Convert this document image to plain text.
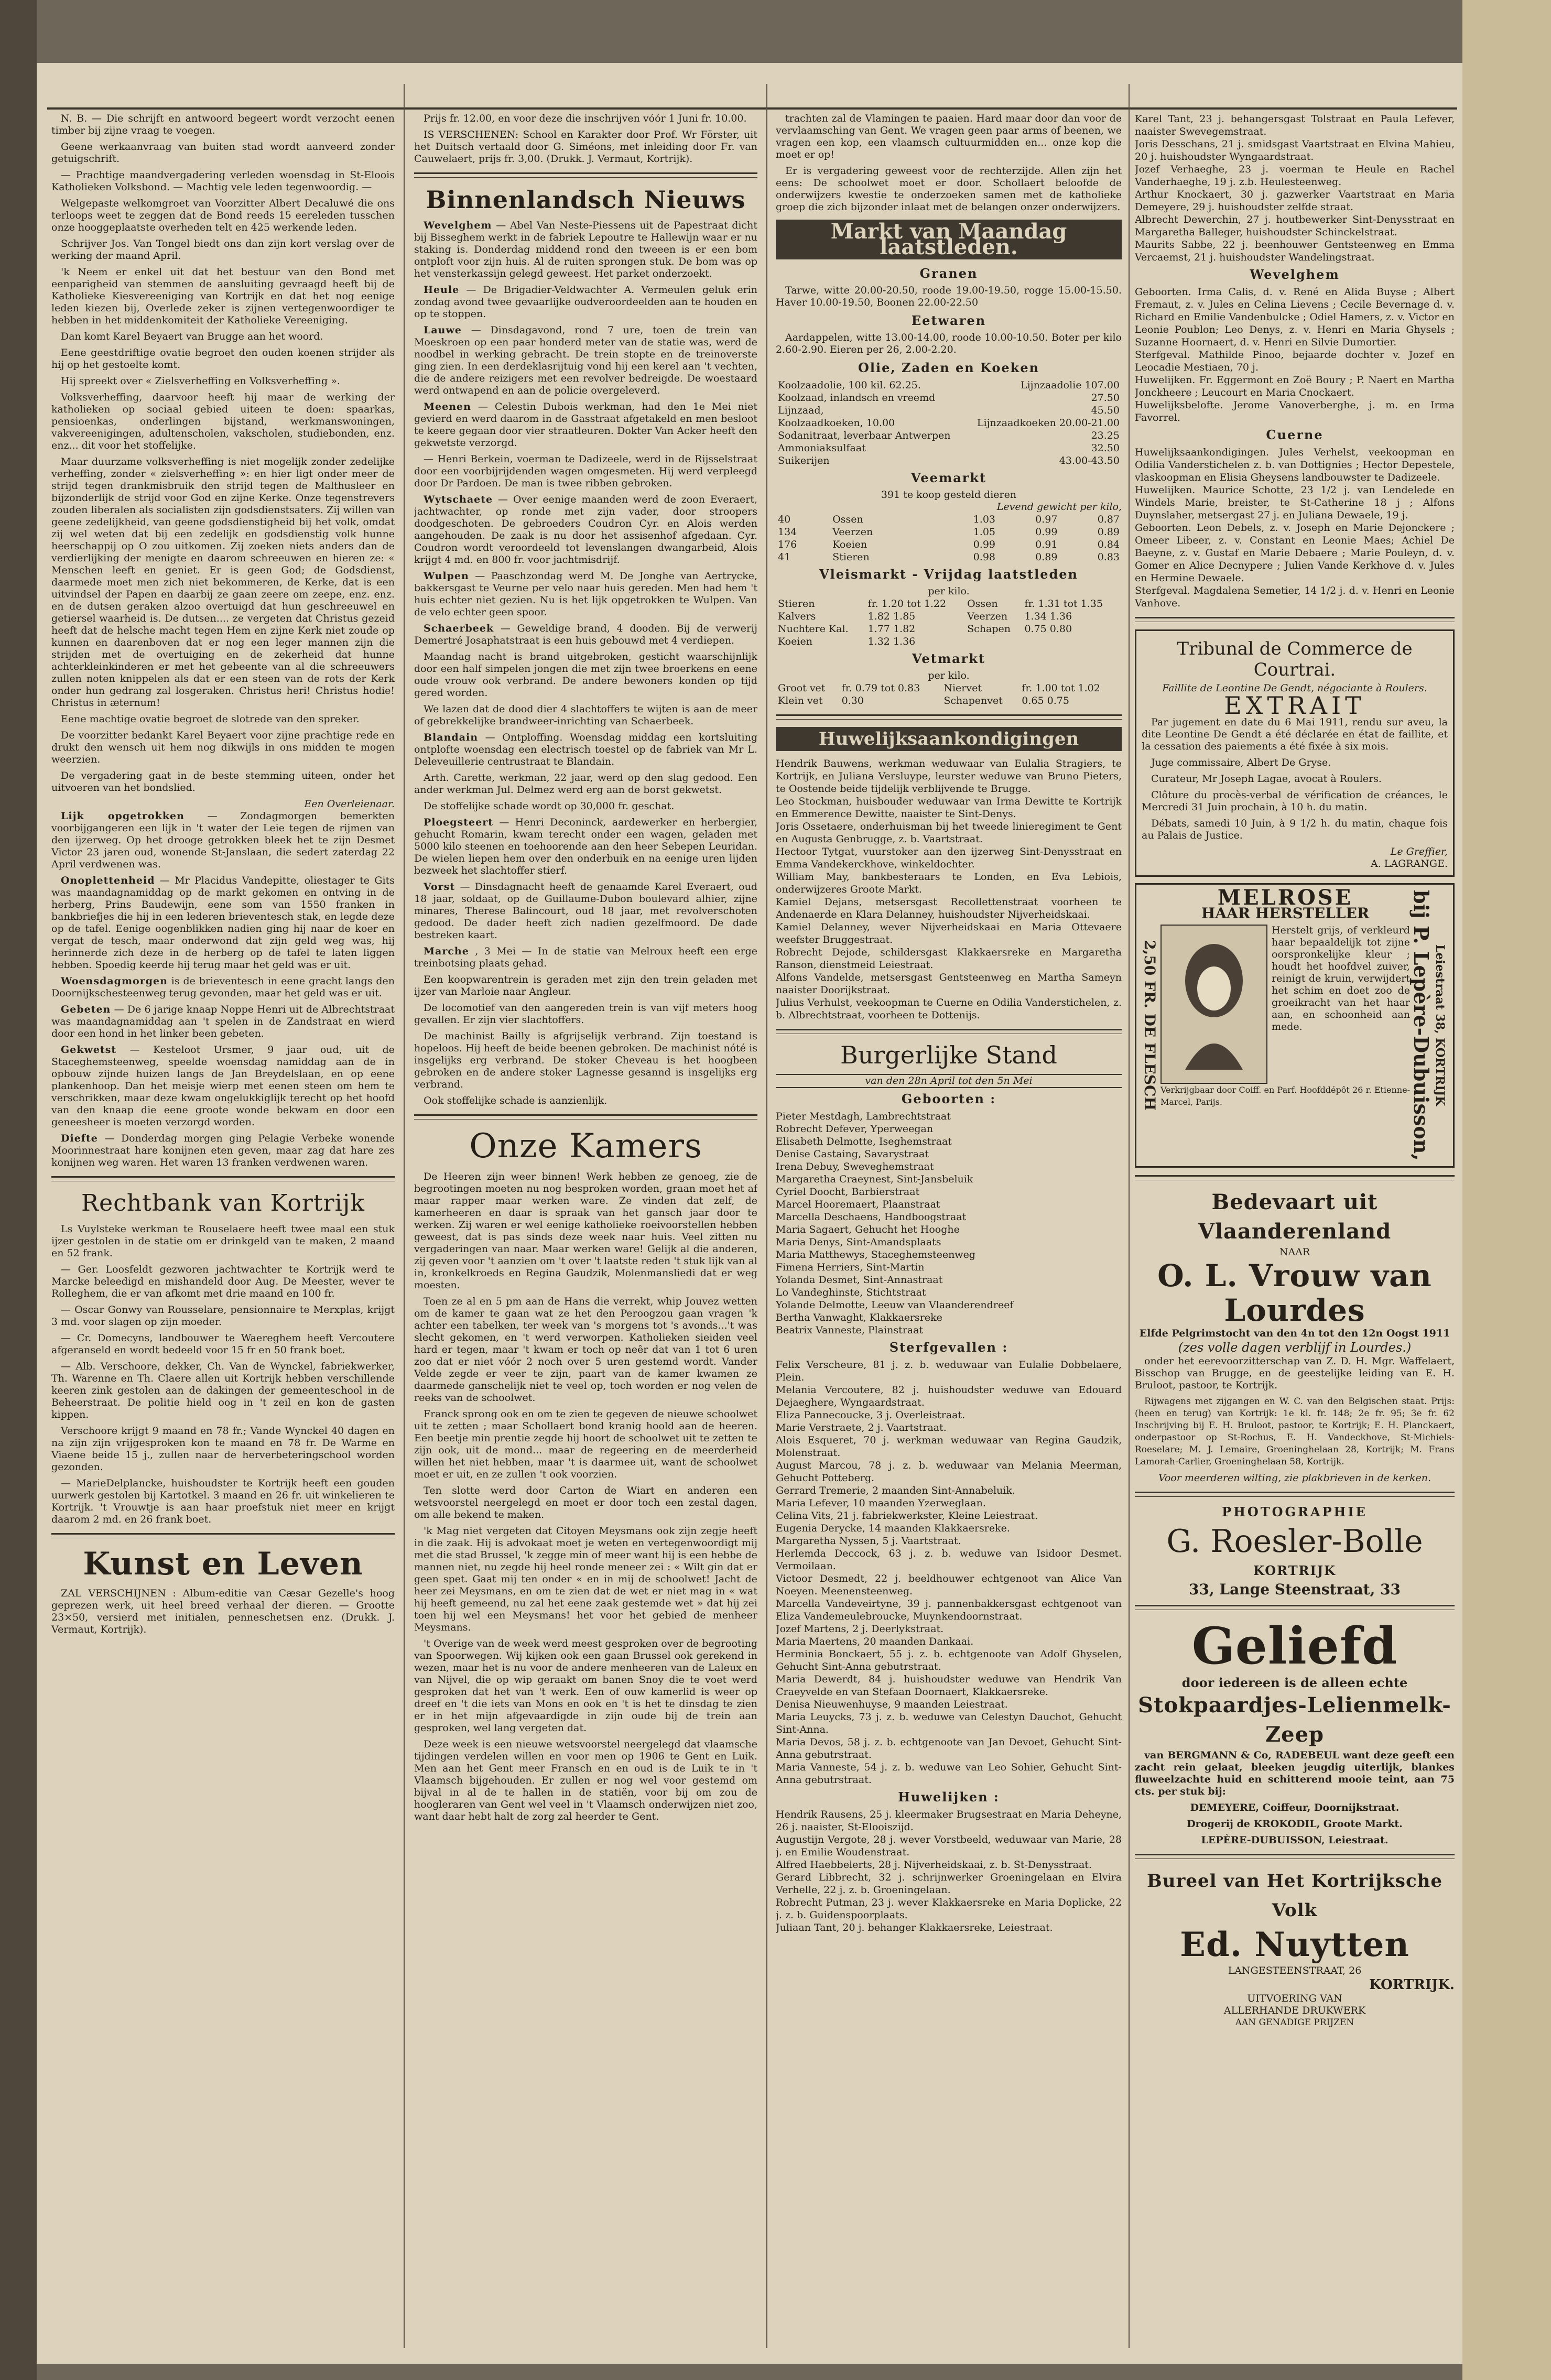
N. B. — Die schrijft en antwoord begeert wordt verzocht eenen timber bij zijne vraag te voegen.

Geene werkaanvraag van buiten stad wordt aanveerd zonder getuigschrift.

— Prachtige maandvergadering verleden woensdag in St-Eloois Katholieken Volksbond. — Machtig vele leden tegenwoordig. —

Welgepaste welkomgroet van Voorzitter Albert Decaluwé die ons terloops weet te zeggen dat de Bond reeds 15 eereleden tusschen onze hooggeplaatste overheden telt en 425 werkende leden.

Schrijver Jos. Van Tongel biedt ons dan zijn kort verslag over de werking der maand April.

'k Neem er enkel uit dat het bestuur van den Bond met eenparigheid van stemmen de aansluiting gevraagd heeft bij de Katholieke Kiesvereeniging van Kortrijk en dat het nog eenige leden kiezen bij, Overlede zeker is zijnen vertegenwoordiger te hebben in het middenkomiteit der Katholieke Vereeniging.

Dan komt Karel Beyaert van Brugge aan het woord.

Eene geestdriftige ovatie begroet den ouden koenen strijder als hij op het gestoelte komt.

Hij spreekt over « Zielsverheffing en Volksverheffing ».

Volksverheffing, daarvoor heeft hij maar de werking der katholieken op sociaal gebied uiteen te doen: spaarkas, pensioenkas, onderlingen bijstand, werkmanswoningen, vakvereenigingen, adultenscholen, vakscholen, studiebonden, enz. enz... dit voor het stoffelijke.

Maar duurzame volksverheffing is niet mogelijk zonder zedelijke verheffing, zonder « zielsverheffing »: en hier ligt onder meer de strijd tegen drankmisbruik den strijd tegen de Malthusleer en bijzonderlijk de strijd voor God en zijne Kerke. Onze tegenstrevers zouden liberalen als socialisten zijn godsdienstsaters. Zij willen van geene zedelijkheid, van geene godsdienstigheid bij het volk, omdat zij wel weten dat bij een zedelijk en godsdienstig volk hunne heerschappij op O zou uitkomen. Zij zoeken niets anders dan de verdierlijking der menigte en daarom schreeuwen en hieren ze: « Menschen leeft en geniet. Er is geen God; de Godsdienst, daarmede moet men zich niet bekommeren, de Kerke, dat is een uitvindsel der Papen en daarbij ze gaan zeere om zeepe, enz. enz. en de dutsen geraken alzoo overtuigd dat hun geschreeuwel en getiersel waarheid is. De dutsen.... ze vergeten dat Christus gezeid heeft dat de helsche macht tegen Hem en zijne Kerk niet zoude op kunnen en daarenboven dat er nog een leger mannen zijn die strijden met de overtuiging en de zekerheid dat hunne achterkleinkinderen er met het gebeente van al die schreeuwers zullen noten knippelen als dat er een steen van de rots der Kerk onder hun gedrang zal losgeraken. Christus heri! Christus hodie! Christus in æternum!

Eene machtige ovatie begroet de slotrede van den spreker.

De voorzitter bedankt Karel Beyaert voor zijne prachtige rede en drukt den wensch uit hem nog dikwijls in ons midden te mogen weerzien.

De vergadering gaat in de beste stemming uiteen, onder het uitvoeren van het bondslied.

Een Overleienaar.

Lijk opgetrokken — Zondagmorgen bemerkten voorbijgangeren een lijk in 't water der Leie tegen de rijmen van den ijzerweg. Op het drooge getrokken bleek het te zijn Desmet Victor 23 jaren oud, wonende St-Janslaan, die sedert zaterdag 22 April verdwenen was.

Onoplettenheid — Mr Placidus Vandepitte, oliestager te Gits was maandagnamiddag op de markt gekomen en ontving in de herberg, Prins Baudewijn, eene som van 1550 franken in bankbriefjes die hij in een lederen brieventesch stak, en legde deze op de tafel. Eenige oogenblikken nadien ging hij naar de koer en vergat de tesch, maar onderwond dat zijn geld weg was, hij herinnerde zich deze in de herberg op de tafel te laten liggen hebben. Spoedig keerde hij terug maar het geld was er uit.

Woensdagmorgen is de brieventesch in eene gracht langs den Doornijkschesteenweg terug gevonden, maar het geld was er uit.

Gebeten — De 6 jarige knaap Noppe Henri uit de Albrechtstraat was maandagnamiddag aan 't spelen in de Zandstraat en wierd door een hond in het linker been gebeten.

Gekwetst — Kesteloot Ursmer, 9 jaar oud, uit de Staceghemsteenweg, speelde woensdag namiddag aan de in opbouw zijnde huizen langs de Jan Breydelslaan, en op eene plankenhoop. Dan het meisje wierp met eenen steen om hem te verschrikken, maar deze kwam ongelukkiglijk terecht op het hoofd van den knaap die eene groote wonde bekwam en door een geneesheer is moeten verzorgd worden.

Diefte — Donderdag morgen ging Pelagie Verbeke wonende Moorinnestraat hare konijnen eten geven, maar zag dat hare zes konijnen weg waren. Het waren 13 franken verdwenen waren.

Rechtbank van Kortrijk

Ls Vuylsteke werkman te Rouselaere heeft twee maal een stuk ijzer gestolen in de statie om er drinkgeld van te maken, 2 maand en 52 frank.

— Ger. Loosfeldt gezworen jachtwachter te Kortrijk werd te Marcke beleedigd en mishandeld door Aug. De Meester, wever te Rolleghem, die er van afkomt met drie maand en 100 fr.

— Oscar Gonwy van Rousselare, pensionnaire te Merxplas, krijgt 3 md. voor slagen op zijn moeder.

— Cr. Domecyns, landbouwer te Waereghem heeft Vercoutere afgeranseld en wordt bedeeld voor 15 fr en 50 frank boet.

— Alb. Verschoore, dekker, Ch. Van de Wynckel, fabriekwerker, Th. Warenne en Th. Claere allen uit Kortrijk hebben verschillende keeren zink gestolen aan de dakingen der gemeenteschool in de Beheerstraat. De politie hield oog in 't zeil en kon de gasten kippen.

Verschoore krijgt 9 maand en 78 fr.; Vande Wynckel 40 dagen en na zijn zijn vrijgesproken kon te maand en 78 fr. De Warme en Viaene beide 15 j., zullen naar de herverbeteringschool worden gezonden.

— MarieDelplancke, huishoudster te Kortrijk heeft een gouden uurwerk gestolen bij Kartotkel. 3 maand en 26 fr. uit winkelieren te Kortrijk. 't Vrouwtje is aan haar proefstuk niet meer en krijgt daarom 2 md. en 26 frank boet.

Kunst en Leven

ZAL VERSCHIJNEN : Album-editie van Cæsar Gezelle's hoog geprezen werk, uit heel breed verhaal der dieren. — Grootte 23×50, versierd met initialen, penneschetsen enz. (Drukk. J. Vermaut, Kortrijk).

Prijs fr. 12.00, en voor deze die inschrijven vóór 1 Juni fr. 10.00.

IS VERSCHENEN: School en Karakter door Prof. Wr Förster, uit het Duitsch vertaald door G. Siméons, met inleiding door Fr. van Cauwelaert, prijs fr. 3,00. (Drukk. J. Vermaut, Kortrijk).

Binnenlandsch Nieuws

Wevelghem — Abel Van Neste-Piessens uit de Papestraat dicht bij Bisseghem werkt in de fabriek Lepoutre te Hallewijn waar er nu staking is. Donderdag middend rond den tweeen is er een bom ontploft voor zijn huis. Al de ruiten sprongen stuk. De bom was op het vensterkassijn gelegd geweest. Het parket onderzoekt.

Heule — De Brigadier-Veldwachter A. Vermeulen geluk erin zondag avond twee gevaarlijke oudveroordeelden aan te houden en op te stoppen.

Lauwe — Dinsdagavond, rond 7 ure, toen de trein van Moeskroen op een paar honderd meter van de statie was, werd de noodbel in werking gebracht. De trein stopte en de treinoverste ging zien. In een derdeklasrijtuig vond hij een kerel aan 't vechten, die de andere reizigers met een revolver bedreigde. De woestaard werd ontwapend en aan de policie overgeleverd.

Meenen — Celestin Dubois werkman, had den 1e Mei niet gevierd en werd daarom in de Gasstraat afgetakeld en men besloot te keere gegaan door vier straatleuren. Dokter Van Acker heeft den gekwetste verzorgd.

— Henri Berkein, voerman te Dadizeele, werd in de Rijsselstraat door een voorbijrijdenden wagen omgesmeten. Hij werd verpleegd door Dr Pardoen. De man is twee ribben gebroken.

Wytschaete — Over eenige maanden werd de zoon Everaert, jachtwachter, op ronde met zijn vader, door stroopers doodgeschoten. De gebroeders Coudron Cyr. en Alois werden aangehouden. De zaak is nu door het assisenhof afgedaan. Cyr. Coudron wordt veroordeeld tot levenslangen dwangarbeid, Alois krijgt 4 md. en 800 fr. voor jachtmisdrijf.

Wulpen — Paaschzondag werd M. De Jonghe van Aertrycke, bakkersgast te Veurne per velo naar huis gereden. Men had hem 't huis echter niet gezien. Nu is het lijk opgetrokken te Wulpen. Van de velo echter geen spoor.

Schaerbeek — Geweldige brand, 4 dooden. Bij de verwerij Demertré Josaphatstraat is een huis gebouwd met 4 verdiepen.

Maandag nacht is brand uitgebroken, gesticht waarschijnlijk door een half simpelen jongen die met zijn twee broerkens en eene oude vrouw ook verbrand. De andere bewoners konden op tijd gered worden.

We lazen dat de dood dier 4 slachtoffers te wijten is aan de meer of gebrekkelijke brandweer-inrichting van Schaerbeek.

Blandain — Ontploffing. Woensdag middag een kortsluiting ontplofte woensdag een electrisch toestel op de fabriek van Mr L. Deleveuillerie centrustraat te Blandain.

Arth. Carette, werkman, 22 jaar, werd op den slag gedood. Een ander werkman Jul. Delmez werd erg aan de borst gekwetst.

De stoffelijke schade wordt op 30,000 fr. geschat.

Ploegsteert — Henri Deconinck, aardewerker en herbergier, gehucht Romarin, kwam terecht onder een wagen, geladen met 5000 kilo steenen en toehoorende aan den heer Sebepen Leuridan. De wielen liepen hem over den onderbuik en na eenige uren lijden bezweek het slachtoffer stierf.

Vorst — Dinsdagnacht heeft de genaamde Karel Everaert, oud 18 jaar, soldaat, op de Guillaume-Dubon boulevard alhier, zijne minares, Therese Balincourt, oud 18 jaar, met revolverschoten gedood. De dader heeft zich nadien gezelfmoord. De dade bestreken kaart.

Marche , 3 Mei — In de statie van Melroux heeft een erge treinbotsing plaats gehad.

Een koopwarentrein is geraden met zijn den trein geladen met ijzer van Marloie naar Angleur.

De locomotief van den aangereden trein is van vijf meters hoog gevallen. Er zijn vier slachtoffers.

De machinist Bailly is afgrijselijk verbrand. Zijn toestand is hopeloos. Hij heeft de beide beenen gebroken. De machinist nóté is insgelijks erg verbrand. De stoker Cheveau is het hoogbeen gebroken en de andere stoker Lagnesse gesannd is insgelijks erg verbrand.

Ook stoffelijke schade is aanzienlijk.

Onze Kamers

De Heeren zijn weer binnen! Werk hebben ze genoeg, zie de begrootingen moeten nu nog besproken worden, graan moet het af maar rapper maar werken ware. Ze vinden dat zelf, de kamerheeren en daar is spraak van het gansch jaar door te werken. Zij waren er wel eenige katholieke roeivoorstellen hebben geweest, dat is pas sinds deze week naar huis. Veel zitten nu vergaderingen van naar. Maar werken ware! Gelijk al die anderen, zij geven voor 't aanzien om 't over 't laatste reden 't stuk lijk van al in, kronkelkroeds en Regina Gaudzik, Molenmansliedi dat er weg moesten.

Toen ze al en 5 pm aan de Hans die verrekt, whip Jouvez wetten om de kamer te gaan wat ze het den Peroogzou gaan vragen 'k achter een tabelken, ter week van 's morgens tot 's avonds...'t was slecht gekomen, en 't werd verworpen. Katholieken sieiden veel hard er tegen, maar 't kwam er toch op neêr dat van 1 tot 6 uren zoo dat er niet vóór 2 noch over 5 uren gestemd wordt. Vander Velde zegde er veer te zijn, paart van de kamer kwamen ze daarmede ganschelijk niet te veel op, toch worden er nog velen de reeks van de schoolwet.

Franck sprong ook en om te zien te gegeven de nieuwe schoolwet uit te zetten ; maar Schollaert bond kranig hoold aan de heeren. Een beetje min prentie zegde hij hoort de schoolwet uit te zetten te zijn ook, uit de mond... maar de regeering en de meerderheid willen het niet hebben, maar 't is daarmee uit, want de schoolwet moet er uit, en ze zullen 't ook voorzien.

Ten slotte werd door Carton de Wiart en anderen een wetsvoorstel neergelegd en moet er door toch een zestal dagen, om alle bekend te maken.

'k Mag niet vergeten dat Citoyen Meysmans ook zijn zegje heeft in die zaak. Hij is advokaat moet je weten en vertegenwoordigt mij met die stad Brussel, 'k zegge min of meer want hij is een hebbe de mannen niet, nu zegde hij heel ronde meneer zei : « Wilt gin dat er geen spet. Gaat mij ten onder « en in mij de schoolwet! Jacht de heer zei Meysmans, en om te zien dat de wet er niet mag in « wat hij heeft gemeend, nu zal het eene zaak gestemde wet » dat hij zei toen hij wel een Meysmans! het voor het gebied de menheer Meysmans.

't Overige van de week werd meest gesproken over de begrooting van Spoorwegen. Wij kijken ook een gaan Brussel ook gerekend in wezen, maar het is nu voor de andere menheeren van de Laleux en van Nijvel, die op wip geraakt om banen Snoy die te voet werd gesproken dat het van 't werk. Een of ouw kamerlid is weer op dreef en 't die iets van Mons en ook en 't is het te dinsdag te zien er in het mijn afgevaardigde in zijn oude bij de trein aan gesproken, wel lang vergeten dat.

Deze week is een nieuwe wetsvoorstel neergelegd dat vlaamsche tijdingen verdelen willen en voor men op 1906 te Gent en Luik. Men aan het Gent meer Fransch en en oud is de Luik te in 't Vlaamsch bijgehouden. Er zullen er nog wel voor gestemd om bijval in al de te hallen in de statiën, voor bij om zou de hoogleraren van Gent wel veel in 't Vlaamsch onderwijzen niet zoo, want daar hebt halt de zorg zal heerder te Gent.

trachten zal de Vlamingen te paaien. Hard maar door dan voor de vervlaamsching van Gent. We vragen geen paar arms of beenen, we vragen een kop, een vlaamsch cultuurmidden en... onze kop die moet er op!

Er is vergadering geweest voor de rechterzijde. Allen zijn het eens: De schoolwet moet er door. Schollaert beloofde de onderwijzers kwestie te onderzoeken samen met de katholieke groep die zich bijzonder inlaat met de belangen onzer onderwijzers.

Markt van Maandag laatstleden.
Granen

Tarwe, witte 20.00-20.50, roode 19.00-19.50, rogge 15.00-15.50. Haver 10.00-19.50, Boonen 22.00-22.50

Eetwaren

Aardappelen, witte 13.00-14.00, roode 10.00-10.50. Boter per kilo 2.60-2.90. Eieren per 26, 2.00-2.20.

Olie, Zaden en Koeken
Koolzaadolie, 100 kil. 62.25.	Lijnzaadolie 107.00
Koolzaad, inlandsch en vreemd	27.50
Lijnzaad,	45.50
Koolzaadkoeken, 10.00	Lijnzaadkoeken 20.00-21.00
Sodanitraat, leverbaar Antwerpen	23.25
Ammoniaksulfaat	32.50
Suikerijen	43.00-43.50
Veemarkt
391 te koop gesteld dieren
Levend gewicht per kilo,
40	Ossen	1.03	0.97	0.87
134	Veerzen	1.05	0.99	0.89
176	Koeien	0.99	0.91	0.84
41	Stieren	0.98	0.89	0.83
Vleismarkt - Vrijdag laatstleden
per kilo.
Stieren	fr. 1.20 tot 1.22	Ossen	fr. 1.31 tot 1.35
Kalvers	1.82 1.85	Veerzen	1.34 1.36
Nuchtere Kal.	1.77 1.82	Schapen	0.75 0.80
Koeien	1.32 1.36		
Vetmarkt
per kilo.
Groot vet	fr. 0.79 tot 0.83	Niervet	fr. 1.00 tot 1.02
Klein vet	0.30	Schapenvet	0.65 0.75
Huwelijksaankondigingen

Hendrik Bauwens, werkman weduwaar van Eulalia Stragiers, te Kortrijk, en Juliana Versluype, leurster weduwe van Bruno Pieters, te Oostende beide tijdelijk verblijvende te Brugge.

Leo Stockman, huisbouder weduwaar van Irma Dewitte te Kortrijk en Emmerence Dewitte, naaister te Sint-Denys.

Joris Ossetaere, onderhuisman bij het tweede linieregiment te Gent en Augusta Genbrugge, z. b. Vaartstraat.

Hectoor Tytgat, vuurstoker aan den ijzerweg Sint-Denysstraat en Emma Vandekerckhove, winkeldochter.

William May, bankbesteraars te Londen, en Eva Lebiois, onderwijzeres Groote Markt.

Kamiel Dejans, metsersgast Recollettenstraat voorheen te Andenaerde en Klara Delanney, huishoudster Nijverheidskaai.

Kamiel Delanney, wever Nijverheidskaai en Maria Ottevaere weefster Bruggestraat.

Robrecht Dejode, schildersgast Klakkaersreke en Margaretha Ranson, dienstmeid Leiestraat.

Alfons Vandelde, metsersgast Gentsteenweg en Martha Sameyn naaister Doorijkstraat.

Julius Verhulst, veekoopman te Cuerne en Odilia Vanderstichelen, z. b. Albrechtstraat, voorheen te Dottenijs.

Burgerlijke Stand
van den 28n April tot den 5n Mei
Geboorten :

Pieter Mestdagh, Lambrechtstraat

Robrecht Defever, Yperweegan

Elisabeth Delmotte, Iseghemstraat

Denise Castaing, Savarystraat

Irena Debuy, Sweveghemstraat

Margaretha Craeynest, Sint-Jansbeluik

Cyriel Doocht, Barbierstraat

Marcel Hooremaert, Plaanstraat

Marcella Deschaens, Handboogstraat

Maria Sagaert, Gehucht het Hooghe

Maria Denys, Sint-Amandsplaats

Maria Matthewys, Staceghemsteenweg

Fimena Herriers, Sint-Martin

Yolanda Desmet, Sint-Annastraat

Lo Vandeghinste, Stichtstraat

Yolande Delmotte, Leeuw van Vlaanderendreef

Bertha Vanwaght, Klakkaersreke

Beatrix Vanneste, Plainstraat

Sterfgevallen :

Felix Verscheure, 81 j. z. b. weduwaar van Eulalie Dobbelaere, Plein.

Melania Vercoutere, 82 j. huishoudster weduwe van Edouard Dejaeghere, Wyngaardstraat.

Eliza Pannecoucke, 3 j. Overleistraat.

Marie Verstraete, 2 j. Vaartstraat.

Alois Esqueret, 70 j. werkman weduwaar van Regina Gaudzik, Molenstraat.

August Marcou, 78 j. z. b. weduwaar van Melania Meerman, Gehucht Potteberg.

Gerrard Tremerie, 2 maanden Sint-Annabeluik.

Maria Lefever, 10 maanden Yzerweglaan.

Celina Vits, 21 j. fabriekwerkster, Kleine Leiestraat.

Eugenia Derycke, 14 maanden Klakkaersreke.

Margaretha Nyssen, 5 j. Vaartstraat.

Herlemda Deccock, 63 j. z. b. weduwe van Isidoor Desmet. Vermoilaan.

Victoor Desmedt, 22 j. beeldhouwer echtgenoot van Alice Van Noeyen. Meenensteenweg.

Marcella Vandeveirtyne, 39 j. pannenbakkersgast echtgenoot van Eliza Vandemeulebroucke, Muynkendoornstraat.

Jozef Martens, 2 j. Deerlykstraat.

Maria Maertens, 20 maanden Dankaai.

Herminia Bonckaert, 55 j. z. b. echtgenoote van Adolf Ghyselen, Gehucht Sint-Anna gebutrstraat.

Maria Dewerdt, 84 j. huishoudster weduwe van Hendrik Van Craeyvelde en van Stefaan Doornaert, Klakkaersreke.

Denisa Nieuwenhuyse, 9 maanden Leiestraat.

Maria Leuycks, 73 j. z. b. weduwe van Celestyn Dauchot, Gehucht Sint-Anna.

Maria Devos, 58 j. z. b. echtgenoote van Jan Devoet, Gehucht Sint-Anna gebutrstraat.

Maria Vanneste, 54 j. z. b. weduwe van Leo Sohier, Gehucht Sint-Anna gebutrstraat.

Huwelijken :

Hendrik Rausens, 25 j. kleermaker Brugsestraat en Maria Deheyne, 26 j. naaister, St-Elooiszijd.

Augustijn Vergote, 28 j. wever Vorstbeeld, weduwaar van Marie, 28 j. en Emilie Woudenstraat.

Alfred Haebbelerts, 28 j. Nijverheidskaai, z. b. St-Denysstraat.

Gerard Libbrecht, 32 j. schrijnwerker Groeningelaan en Elvira Verhelle, 22 j. z. b. Groeningelaan.

Robrecht Putman, 23 j. wever Klakkaersreke en Maria Doplicke, 22 j. z. b. Guidenspoorplaats.

Juliaan Tant, 20 j. behanger Klakkaersreke, Leiestraat.

Karel Tant, 23 j. behangersgast Tolstraat en Paula Lefever, naaister Swevegemstraat.

Joris Desschans, 21 j. smidsgast Vaartstraat en Elvina Mahieu, 20 j. huishoudster Wyngaardstraat.

Jozef Verhaeghe, 23 j. voerman te Heule en Rachel Vanderhaeghe, 19 j. z.b. Heulesteenweg.

Arthur Knockaert, 30 j. gazwerker Vaartstraat en Maria Demeyere, 29 j. huishoudster zelfde straat.

Albrecht Dewerchin, 27 j. houtbewerker Sint-Denysstraat en Margaretha Balleger, huishoudster Schinckelstraat.

Maurits Sabbe, 22 j. beenhouwer Gentsteenweg en Emma Vercaemst, 21 j. huishoudster Wandelingstraat.

Wevelghem

Geboorten. Irma Calis, d. v. René en Alida Buyse ; Albert Fremaut, z. v. Jules en Celina Lievens ; Cecile Bevernage d. v. Richard en Emilie Vandenbulcke ; Odiel Hamers, z. v. Victor en Leonie Poublon; Leo Denys, z. v. Henri en Maria Ghysels ; Suzanne Hoornaert, d. v. Henri en Silvie Dumortier.

Sterfgeval. Mathilde Pinoo, bejaarde dochter v. Jozef en Leocadie Mestiaen, 70 j.

Huwelijken. Fr. Eggermont en Zoë Boury ; P. Naert en Martha Jonckheere ; Leucourt en Maria Cnockaert.

Huwelijksbelofte. Jerome Vanoverberghe, j. m. en Irma Favorrel.

Cuerne

Huwelijksaankondigingen. Jules Verhelst, veekoopman en Odilia Vanderstichelen z. b. van Dottignies ; Hector Depestele, vlaskoopman en Elisia Gheysens landbouwster te Dadizeele.

Huwelijken. Maurice Schotte, 23 1/2 j. van Lendelede en Windels Marie, breister, te St-Catherine 18 j ; Alfons Duynslaher, metsergast 27 j. en Juliana Dewaele, 19 j.

Geboorten. Leon Debels, z. v. Joseph en Marie Dejonckere ; Omeer Libeer, z. v. Constant en Leonie Maes; Achiel De Baeyne, z. v. Gustaf en Marie Debaere ; Marie Pouleyn, d. v. Gomer en Alice Decnypere ; Julien Vande Kerkhove d. v. Jules en Hermine Dewaele.

Sterfgeval. Magdalena Semetier, 14 1/2 j. d. v. Henri en Leonie Vanhove.

Tribunal de Commerce de Courtrai.
Faillite de Leontine De Gendt, négociante à Roulers.
EXTRAIT

Par jugement en date du 6 Mai 1911, rendu sur aveu, la dite Leontine De Gendt a été déclarée en état de faillite, et la cessation des paiements a été fixée à six mois.

Juge commissaire, Albert De Gryse.

Curateur, Mr Joseph Lagae, avocat à Roulers.

Clôture du procès-verbal de vérification de créances, le Mercredi 31 Juin prochain, à 10 h. du matin.

Débats, samedi 10 Juin, à 9 1/2 h. du matin, chaque fois au Palais de Justice.

Le Greffier,
A. LAGRANGE.
2,50 FR. DE FLESCH
MELROSE
HAAR HERSTELLER
Herstelt grijs, of verkleurd haar bepaaldelijk tot zijne oorspronkelijke kleur ; houdt het hoofdvel zuiver, reinigt de kruin, verwijdert het schim en doet zoo de groeikracht van het haar aan, en schoonheid aan mede.
Verkrijgbaar door Coiff. en Parf. Hoofddépôt 26 r. Etienne-Marcel, Parijs.	bij P. Lepère-Dubuisson, Leiestraat 38, KORTRIJK
Bedevaart uit Vlaanderenland
NAAR
O. L. Vrouw van Lourdes
Elfde Pelgrimstocht van den 4n tot den 12n Oogst 1911
(zes volle dagen verblijf in Lourdes.)

onder het eerevoorzitterschap van Z. D. H. Mgr. Waffelaert, Bisschop van Brugge, en de geestelijke leiding van E. H. Bruloot, pastoor, te Kortrijk.

Rijwagens met zijgangen en W. C. van den Belgischen staat. Prijs: (heen en terug) van Kortrijk: 1e kl. fr. 148; 2e fr. 95; 3e fr. 62 Inschrijving bij E. H. Bruloot, pastoor, te Kortrijk; E. H. Planckaert, onderpastoor op St-Rochus, E. H. Vandeckhove, St-Michiels-Roeselare; M. J. Lemaire, Groeninghelaan 28, Kortrijk; M. Frans Lamorah-Carlier, Groeninghelaan 58, Kortrijk.

Voor meerderen wilting, zie plakbrieven in de kerken.
PHOTOGRAPHIE
G. Roesler-Bolle
KORTRIJK
33, Lange Steenstraat, 33
Geliefd
door iedereen is de alleen echte
Stokpaardjes-Lelienmelk-Zeep

van BERGMANN & Co, RADEBEUL want deze geeft een zacht rein gelaat, bleeken jeugdig uiterlijk, blankes fluweelzachte huid en schitterend mooie teint, aan 75 cts. per stuk bij:

DEMEYERE, Coiffeur, Doornijkstraat.

Drogerij de KROKODIL, Groote Markt.

LEPÈRE-DUBUISSON, Leiestraat.

Bureel van Het Kortrijksche Volk
Ed. Nuytten
LANGESTEENSTRAAT, 26
KORTRIJK.
UITVOERING VAN
ALLERHANDE DRUKWERK
AAN GENADIGE PRIJZEN
